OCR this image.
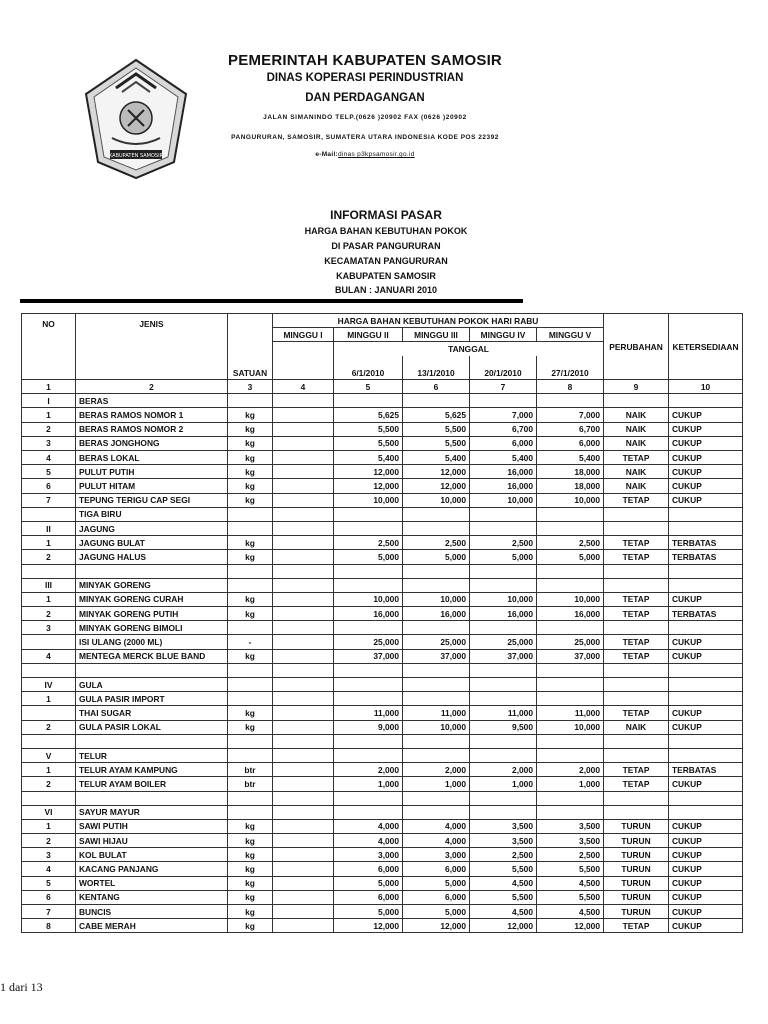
KABUPATEN SAMOSIR
PEMERINTAH KABUPATEN SAMOSIR
DINAS KOPERASI PERINDUSTRIAN
DAN PERDAGANGAN
JALAN SIMANINDO TELP.(0626 )20902 FAX (0626 )20902
PANGURURAN, SAMOSIR, SUMATERA UTARA INDONESIA KODE POS 22392
e-Mail:dinas p3kpsamosir.go.id
INFORMASI PASAR
HARGA BAHAN KEBUTUHAN POKOK
DI PASAR PANGURURAN
KECAMATAN PANGURURAN
KABUPATEN SAMOSIR
BULAN : JANUARI 2010
NO	JENIS	SATUAN	HARGA BAHAN KEBUTUHAN POKOK HARI RABU					PERUBAHAN	KETERSEDIAAN
			MINGGU I	MINGGU II	MINGGU III	MINGGU IV	MINGGU V		
				TANGGAL					
				6/1/2010	13/1/2010	20/1/2010	27/1/2010		
1	2	3	4	5	6	7	8	9	10
I	BERAS								
1	BERAS RAMOS NOMOR 1	kg		5,625	5,625	7,000	7,000	NAIK	CUKUP
2	BERAS RAMOS NOMOR 2	kg		5,500	5,500	6,700	6,700	NAIK	CUKUP
3	BERAS JONGHONG	kg		5,500	5,500	6,000	6,000	NAIK	CUKUP
4	BERAS LOKAL	kg		5,400	5,400	5,400	5,400	TETAP	CUKUP
5	PULUT PUTIH	kg		12,000	12,000	16,000	18,000	NAIK	CUKUP
6	PULUT HITAM	kg		12,000	12,000	16,000	18,000	NAIK	CUKUP
7	TEPUNG TERIGU CAP SEGI	kg		10,000	10,000	10,000	10,000	TETAP	CUKUP
	TIGA BIRU								
II	JAGUNG								
1	JAGUNG BULAT	kg		2,500	2,500	2,500	2,500	TETAP	TERBATAS
2	JAGUNG HALUS	kg		5,000	5,000	5,000	5,000	TETAP	TERBATAS

III	MINYAK GORENG								
1	MINYAK GORENG CURAH	kg		10,000	10,000	10,000	10,000	TETAP	CUKUP
2	MINYAK GORENG PUTIH	kg		16,000	16,000	16,000	16,000	TETAP	TERBATAS
3	MINYAK GORENG BIMOLI								
	ISI ULANG (2000 ML)	-		25,000	25,000	25,000	25,000	TETAP	CUKUP
4	MENTEGA MERCK BLUE BAND	kg		37,000	37,000	37,000	37,000	TETAP	CUKUP

IV	GULA								
1	GULA PASIR IMPORT								
	THAI SUGAR	kg		11,000	11,000	11,000	11,000	TETAP	CUKUP
2	GULA PASIR LOKAL	kg		9,000	10,000	9,500	10,000	NAIK	CUKUP

V	TELUR								
1	TELUR AYAM KAMPUNG	btr		2,000	2,000	2,000	2,000	TETAP	TERBATAS
2	TELUR AYAM BOILER	btr		1,000	1,000	1,000	1,000	TETAP	CUKUP

VI	SAYUR MAYUR								
1	SAWI PUTIH	kg		4,000	4,000	3,500	3,500	TURUN	CUKUP
2	SAWI HIJAU	kg		4,000	4,000	3,500	3,500	TURUN	CUKUP
3	KOL BULAT	kg		3,000	3,000	2,500	2,500	TURUN	CUKUP
4	KACANG PANJANG	kg		6,000	6,000	5,500	5,500	TURUN	CUKUP
5	WORTEL	kg		5,000	5,000	4,500	4,500	TURUN	CUKUP
6	KENTANG	kg		6,000	6,000	5,500	5,500	TURUN	CUKUP
7	BUNCIS	kg		5,000	5,000	4,500	4,500	TURUN	CUKUP
8	CABE MERAH	kg		12,000	12,000	12,000	12,000	TETAP	CUKUP
1 dari 13
